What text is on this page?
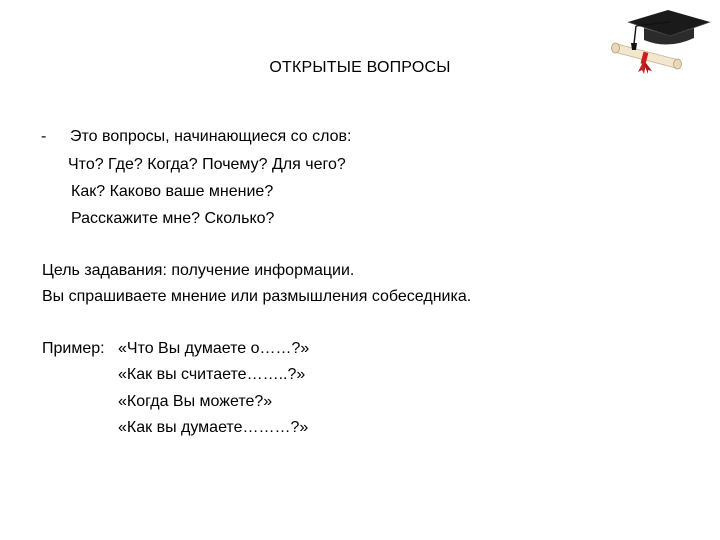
ОТКРЫТЫЕ ВОПРОСЫ
- Это вопросы, начинающиеся со слов:
Что? Где? Когда? Почему? Для чего?
Как? Каково ваше мнение?
Расскажите мне? Сколько?
Цель задавания: получение информации.
Вы спрашиваете мнение или размышления собеседника.
Пример: «Что Вы думаете о……?»
«Как вы считаете……..?»
«Когда Вы можете?»
«Как вы думаете………?»
